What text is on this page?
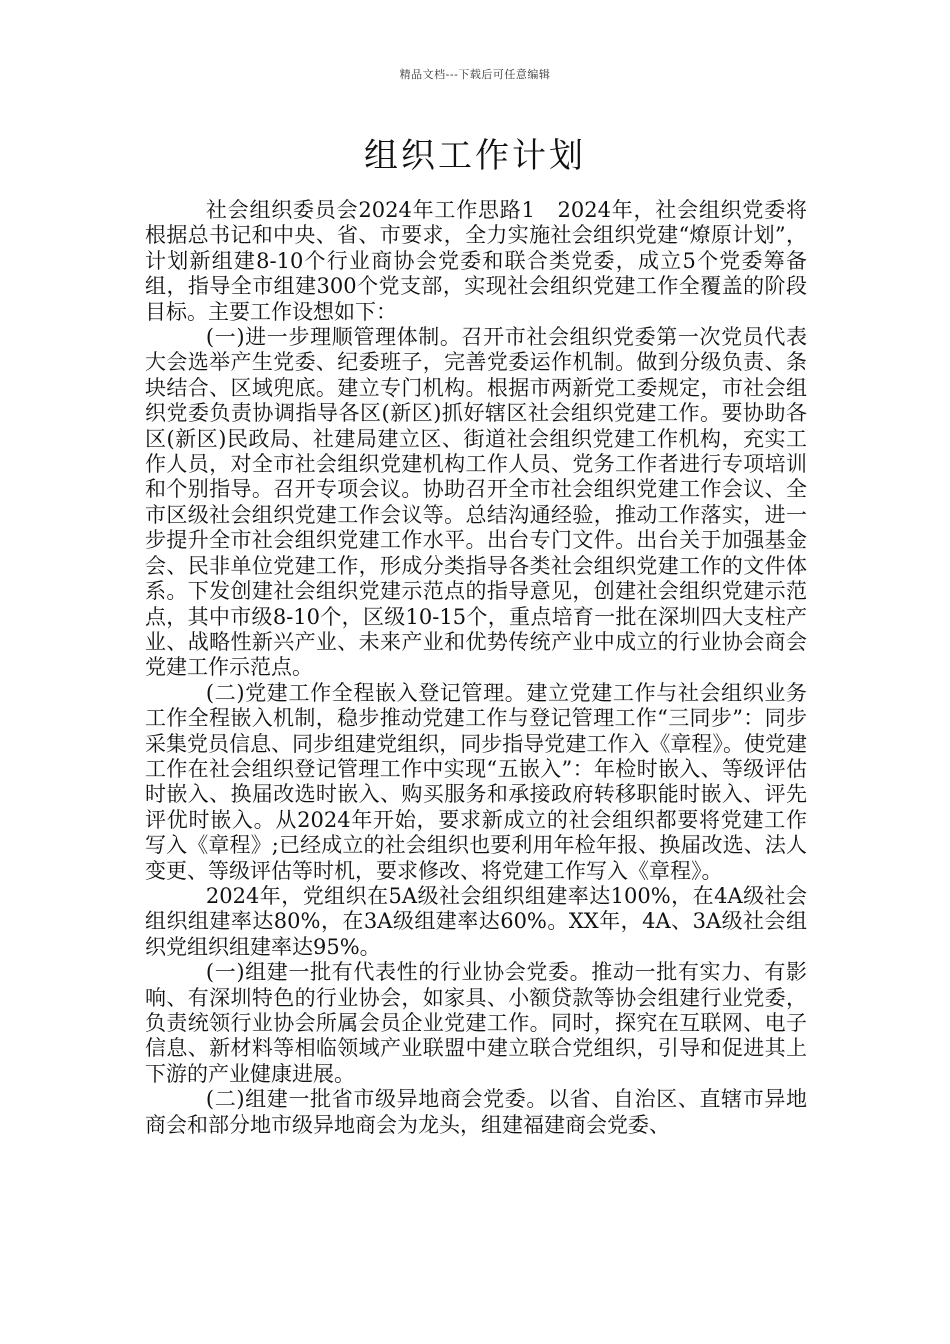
精品文档---下载后可任意编辑
组织工作计划

社会组织委员会2024年工作思路1　2024年，社会组织党委将根据总书记和中央、省、市要求，全力实施社会组织党建“燎原计划”，计划新组建8-10个行业商协会党委和联合类党委，成立5个党委筹备组，指导全市组建300个党支部，实现社会组织党建工作全覆盖的阶段目标。主要工作设想如下：

(一)进一步理顺管理体制。召开市社会组织党委第一次党员代表大会选举产生党委、纪委班子，完善党委运作机制。做到分级负责、条块结合、区域兜底。建立专门机构。根据市两新党工委规定，市社会组织党委负责协调指导各区(新区)抓好辖区社会组织党建工作。要协助各区(新区)民政局、社建局建立区、街道社会组织党建工作机构，充实工作人员，对全市社会组织党建机构工作人员、党务工作者进行专项培训和个别指导。召开专项会议。协助召开全市社会组织党建工作会议、全市区级社会组织党建工作会议等。总结沟通经验，推动工作落实，进一步提升全市社会组织党建工作水平。出台专门文件。出台关于加强基金会、民非单位党建工作，形成分类指导各类社会组织党建工作的文件体系。下发创建社会组织党建示范点的指导意见，创建社会组织党建示范点，其中市级8-10个，区级10-15个，重点培育一批在深圳四大支柱产业、战略性新兴产业、未来产业和优势传统产业中成立的行业协会商会党建工作示范点。

(二)党建工作全程嵌入登记管理。建立党建工作与社会组织业务工作全程嵌入机制，稳步推动党建工作与登记管理工作“三同步”：同步采集党员信息、同步组建党组织，同步指导党建工作入《章程》。使党建工作在社会组织登记管理工作中实现“五嵌入”：年检时嵌入、等级评估时嵌入、换届改选时嵌入、购买服务和承接政府转移职能时嵌入、评先评优时嵌入。从2024年开始，要求新成立的社会组织都要将党建工作写入《章程》;已经成立的社会组织也要利用年检年报、换届改选、法人变更、等级评估等时机，要求修改、将党建工作写入《章程》。

2024年，党组织在5A级社会组织组建率达100%，在4A级社会组织组建率达80%，在3A级组建率达60%。XX年，4A、3A级社会组织党组织组建率达95%。

(一)组建一批有代表性的行业协会党委。推动一批有实力、有影响、有深圳特色的行业协会，如家具、小额贷款等协会组建行业党委，负责统领行业协会所属会员企业党建工作。同时，探究在互联网、电子信息、新材料等相临领域产业联盟中建立联合党组织，引导和促进其上下游的产业健康进展。

(二)组建一批省市级异地商会党委。以省、自治区、直辖市异地商会和部分地市级异地商会为龙头，组建福建商会党委、
